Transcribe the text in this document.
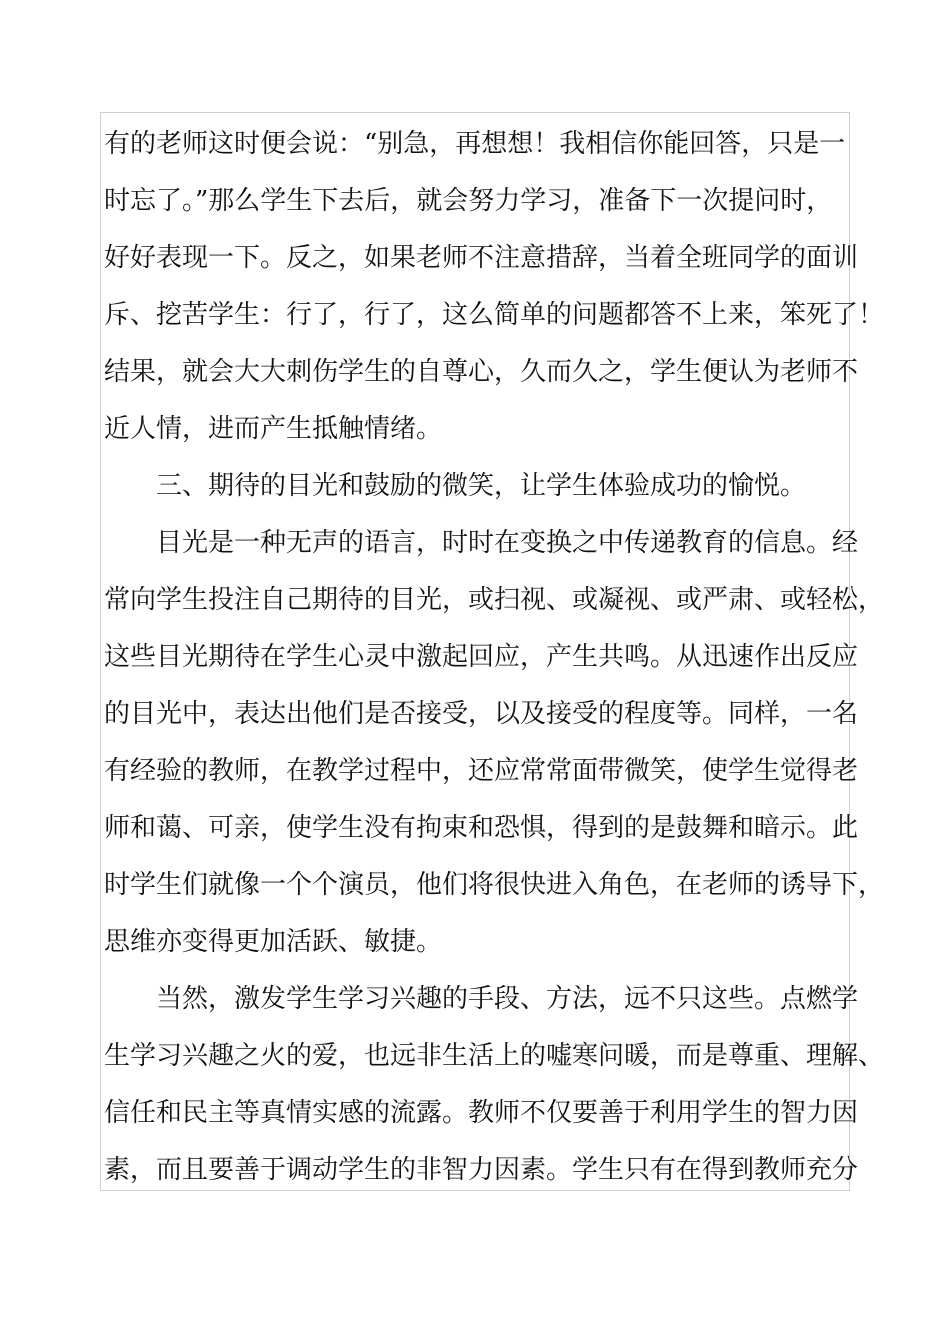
有的老师这时便会说：“别急，再想想！我相信你能回答，只是一
时忘了。”那么学生下去后，就会努力学习，准备下一次提问时，
好好表现一下。反之，如果老师不注意措辞，当着全班同学的面训
斥、挖苦学生：行了，行了，这么简单的问题都答不上来，笨死了！
结果，就会大大刺伤学生的自尊心，久而久之，学生便认为老师不
近人情，进而产生抵触情绪。
三、期待的目光和鼓励的微笑，让学生体验成功的愉悦。
目光是一种无声的语言，时时在变换之中传递教育的信息。经
常向学生投注自己期待的目光，或扫视、或凝视、或严肃、或轻松，
这些目光期待在学生心灵中激起回应，产生共鸣。从迅速作出反应
的目光中，表达出他们是否接受，以及接受的程度等。同样，一名
有经验的教师，在教学过程中，还应常常面带微笑，使学生觉得老
师和蔼、可亲，使学生没有拘束和恐惧，得到的是鼓舞和暗示。此
时学生们就像一个个演员，他们将很快进入角色，在老师的诱导下，
思维亦变得更加活跃、敏捷。
当然，激发学生学习兴趣的手段、方法，远不只这些。点燃学
生学习兴趣之火的爱，也远非生活上的嘘寒问暖，而是尊重、理解、
信任和民主等真情实感的流露。教师不仅要善于利用学生的智力因
素，而且要善于调动学生的非智力因素。学生只有在得到教师充分
